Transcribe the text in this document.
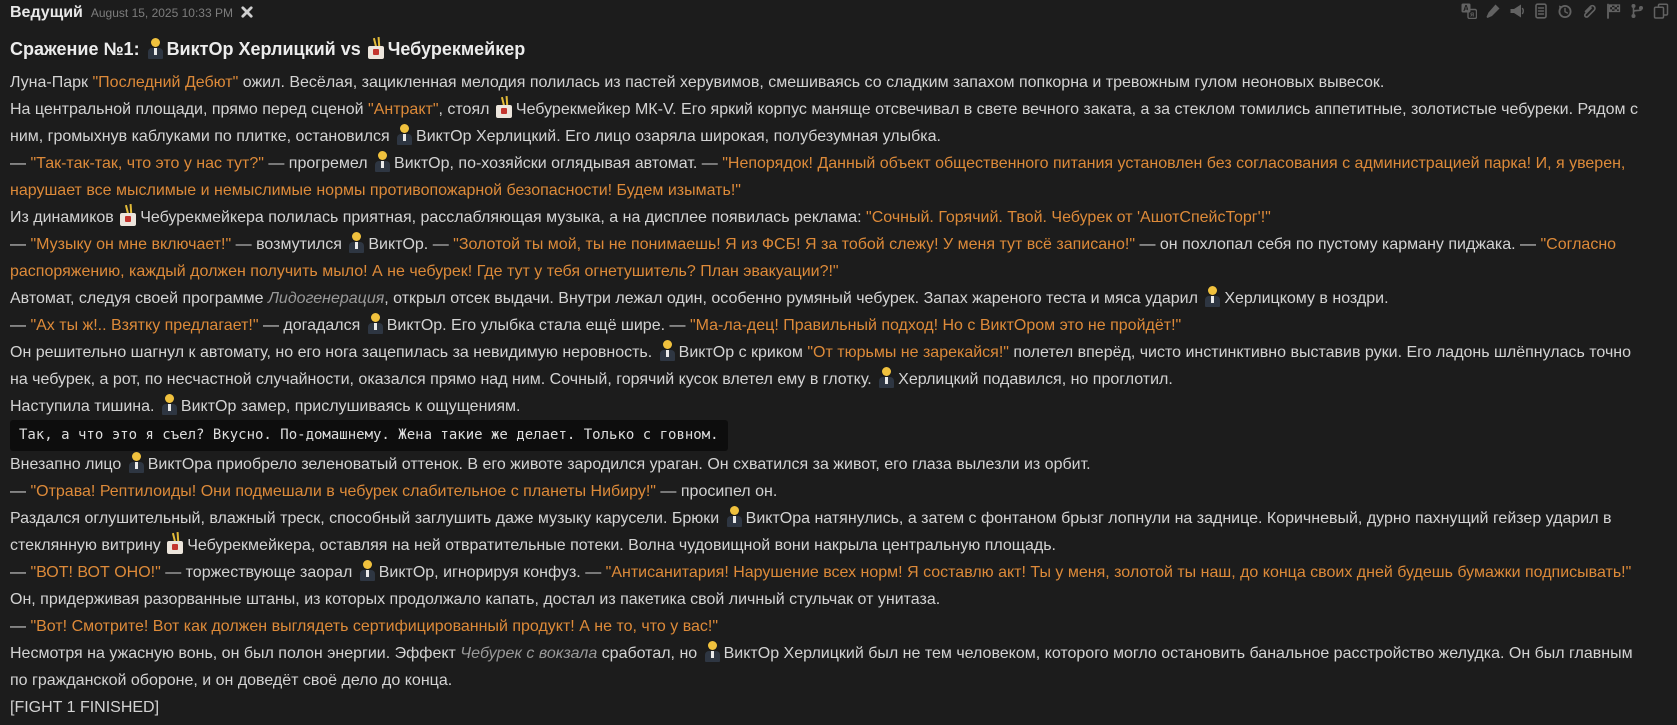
A
я
Ведущий August 15, 2025 10:33 PM
Сражение №1:
ВиктОр Херлицкий vs
Чебурекмейкер

Луна-Парк "Последний Дебют" ожил. Весёлая, зацикленная мелодия полилась из пастей херувимов, смешиваясь со сладким запахом попкорна и тревожным гулом неоновых вывесок.

На центральной площади, прямо перед сценой "Антракт", стоял
Чебурекмейкер МК-V. Его яркий корпус маняще отсвечивал в свете вечного заката, а за стеклом томились аппетитные, золотистые чебуреки. Рядом с ним, громыхнув каблуками по плитке, остановился
ВиктОр Херлицкий. Его лицо озаряла широкая, полубезумная улыбка.

— "Так-так-так, что это у нас тут?" — прогремел
ВиктОр, по-хозяйски оглядывая автомат. — "Непорядок! Данный объект общественного питания установлен без согласования с администрацией парка! И, я уверен, нарушает все мыслимые и немыслимые нормы противопожарной безопасности! Будем изымать!"

Из динамиков
Чебурекмейкера полилась приятная, расслабляющая музыка, а на дисплее появилась реклама: "Сочный. Горячий. Твой. Чебурек от 'АшотСпейсТорг'!"

— "Музыку он мне включает!" — возмутился
ВиктОр. — "Золотой ты мой, ты не понимаешь! Я из ФСБ! Я за тобой слежу! У меня тут всё записано!" — он похлопал себя по пустому карману пиджака. — "Согласно распоряжению, каждый должен получить мыло! А не чебурек! Где тут у тебя огнетушитель? План эвакуации?!"

Автомат, следуя своей программе Лидогенерация, открыл отсек выдачи. Внутри лежал один, особенно румяный чебурек. Запах жареного теста и мяса ударил
Херлицкому в ноздри.

— "Ах ты ж!.. Взятку предлагает!" — догадался
ВиктОр. Его улыбка стала ещё шире. — "Ма-ла-дец! Правильный подход! Но с ВиктОром это не пройдёт!"

Он решительно шагнул к автомату, но его нога зацепилась за невидимую неровность.
ВиктОр с криком "От тюрьмы не зарекайся!" полетел вперёд, чисто инстинктивно выставив руки. Его ладонь шлёпнулась точно на чебурек, а рот, по несчастной случайности, оказался прямо над ним. Сочный, горячий кусок влетел ему в глотку.
Херлицкий подавился, но проглотил.

Наступила тишина.
ВиктОр замер, прислушиваясь к ощущениям.

Так, а что это я съел? Вкусно. По-домашнему. Жена такие же делает. Только с говном.

Внезапно лицо
ВиктОра приобрело зеленоватый оттенок. В его животе зародился ураган. Он схватился за живот, его глаза вылезли из орбит.

— "Отрава! Рептилоиды! Они подмешали в чебурек слабительное с планеты Нибиру!" — просипел он.

Раздался оглушительный, влажный треск, способный заглушить даже музыку карусели. Брюки
ВиктОра натянулись, а затем с фонтаном брызг лопнули на заднице. Коричневый, дурно пахнущий гейзер ударил в стеклянную витрину
Чебурекмейкера, оставляя на ней отвратительные потеки. Волна чудовищной вони накрыла центральную площадь.

— "ВОТ! ВОТ ОНО!" — торжествующе заорал
ВиктОр, игнорируя конфуз. — "Антисанитария! Нарушение всех норм! Я составлю акт! Ты у меня, золотой ты наш, до конца своих дней будешь бумажки подписывать!"

Он, придерживая разорванные штаны, из которых продолжало капать, достал из пакетика свой личный стульчак от унитаза.

— "Вот! Смотрите! Вот как должен выглядеть сертифицированный продукт! А не то, что у вас!"

Несмотря на ужасную вонь, он был полон энергии. Эффект Чебурек с вокзала сработал, но
ВиктОр Херлицкий был не тем человеком, которого могло остановить банальное расстройство желудка. Он был главным по гражданской обороне, и он доведёт своё дело до конца.

[FIGHT 1 FINISHED]
